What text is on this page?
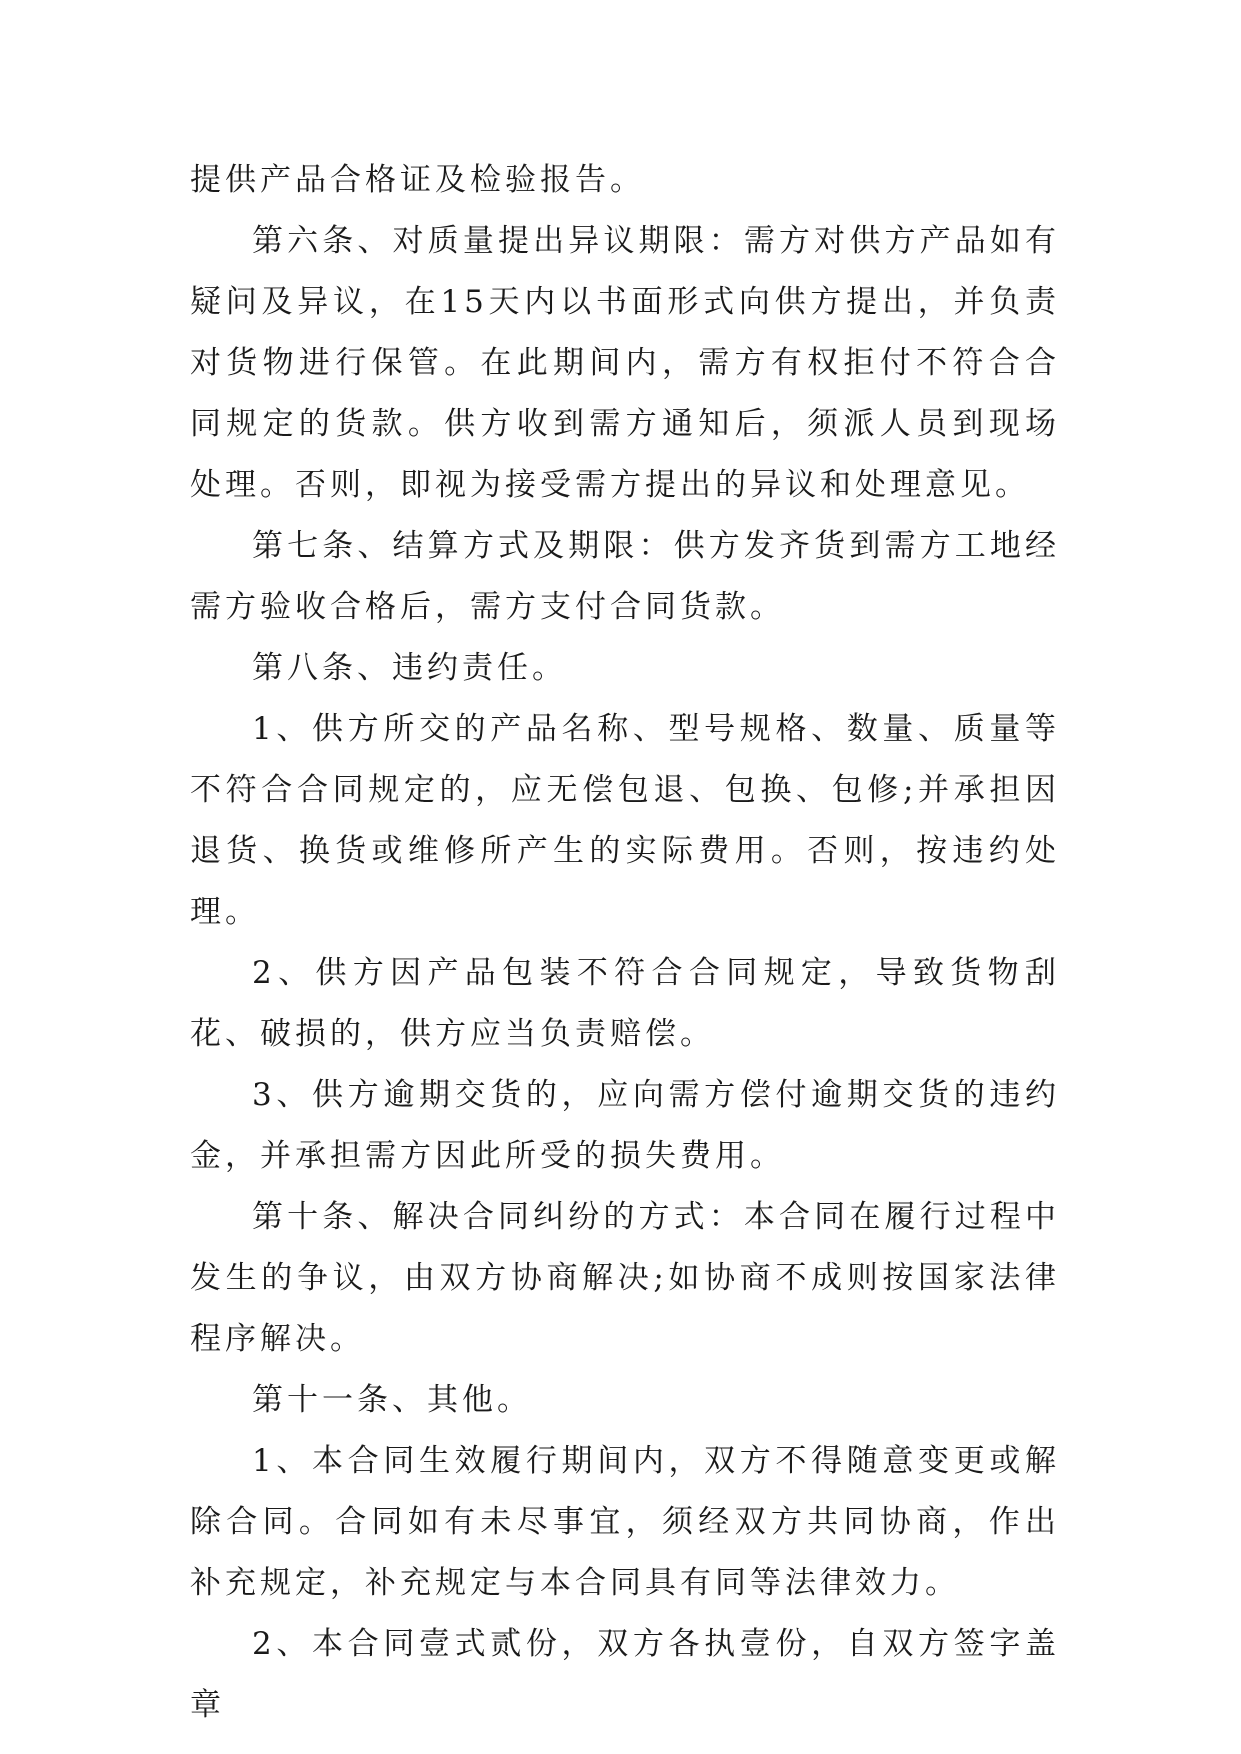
提供产品合格证及检验报告。

第六条、对质量提出异议期限：需方对供方产品如有疑问及异议，在15天内以书面形式向供方提出，并负责对货物进行保管。在此期间内，需方有权拒付不符合合同规定的货款。供方收到需方通知后，须派人员到现场处理。否则，即视为接受需方提出的异议和处理意见。

第七条、结算方式及期限：供方发齐货到需方工地经需方验收合格后，需方支付合同货款。

第八条、违约责任。

1、供方所交的产品名称、型号规格、数量、质量等不符合合同规定的，应无偿包退、包换、包修;并承担因退货、换货或维修所产生的实际费用。否则，按违约处理。

2、供方因产品包装不符合合同规定，导致货物刮花、破损的，供方应当负责赔偿。

3、供方逾期交货的，应向需方偿付逾期交货的违约金，并承担需方因此所受的损失费用。

第十条、解决合同纠纷的方式：本合同在履行过程中发生的争议，由双方协商解决;如协商不成则按国家法律程序解决。

第十一条、其他。

1、本合同生效履行期间内，双方不得随意变更或解除合同。合同如有未尽事宜，须经双方共同协商，作出补充规定，补充规定与本合同具有同等法律效力。

2、本合同壹式贰份，双方各执壹份，自双方签字盖章
